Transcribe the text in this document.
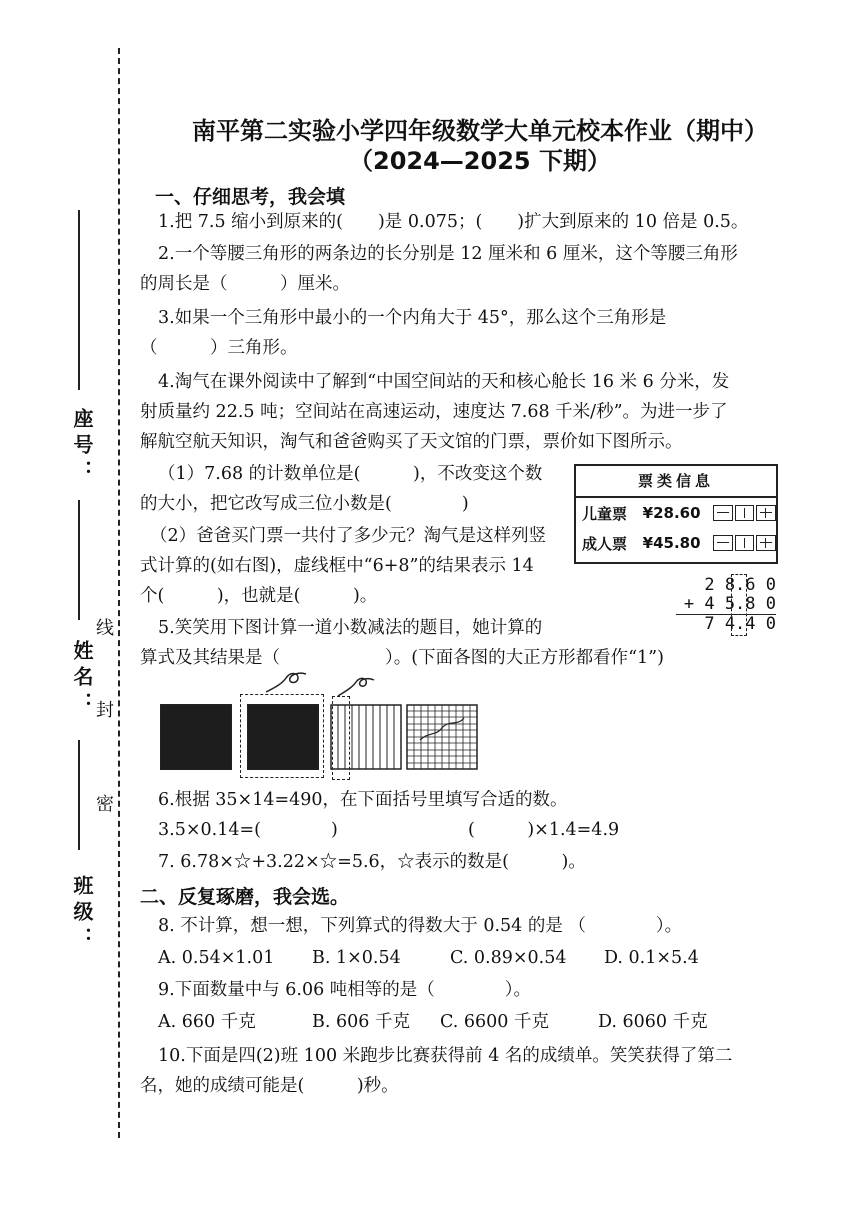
座号：
姓名：
班级：
线
封
密
南平第二实验小学四年级数学大单元校本作业（期中）
（2024—2025 下期）
一、仔细思考，我会填
1.把 7.5 缩小到原来的(　　)是 0.075；(　　)扩大到原来的 10 倍是 0.5。
2.一个等腰三角形的两条边的长分别是 12 厘米和 6 厘米，这个等腰三角形
的周长是（　　　）厘米。
3.如果一个三角形中最小的一个内角大于 45°，那么这个三角形是
（　　　）三角形。
4.淘气在课外阅读中了解到“中国空间站的天和核心舱长 16 米 6 分米，发
射质量约 22.5 吨；空间站在高速运动，速度达 7.68 千米/秒”。为进一步了
解航空航天知识，淘气和爸爸购买了天文馆的门票，票价如下图所示。
（1）7.68 的计数单位是(　　　)，不改变这个数
的大小，把它改写成三位小数是(　　　　)
（2）爸爸买门票一共付了多少元？淘气是这样列竖
式计算的(如右图)，虚线框中“6+8”的结果表示 14
个(　　　)，也就是(　　　)。
5.笑笑用下图计算一道小数减法的题目，她计算的
算式及其结果是（　　　　　　）。(下面各图的大正方形都看作“1”)
票类信息
儿童票	¥28.60
成人票	¥45.80
2 8.6 0
+ 4 5.8 0
7 4.4 0
6.根据 35×14=490，在下面括号里填写合适的数。
3.5×0.14=(　　　　)	(　　　)×1.4=4.9
7. 6.78×☆+3.22×☆=5.6，☆表示的数是(　　　)。
二、反复琢磨，我会选。
8. 不计算，想一想，下列算式的得数大于 0.54 的是 （　　　　）。
A. 0.54×1.01 B. 1×0.54	C. 0.89×0.54 D. 0.1×5.4
9.下面数量中与 6.06 吨相等的是（　　　　）。
A. 660 千克	B. 606 千克 C. 6600 千克	D. 6060 千克
10.下面是四(2)班 100 米跑步比赛获得前 4 名的成绩单。笑笑获得了第二
名，她的成绩可能是(　　　)秒。
